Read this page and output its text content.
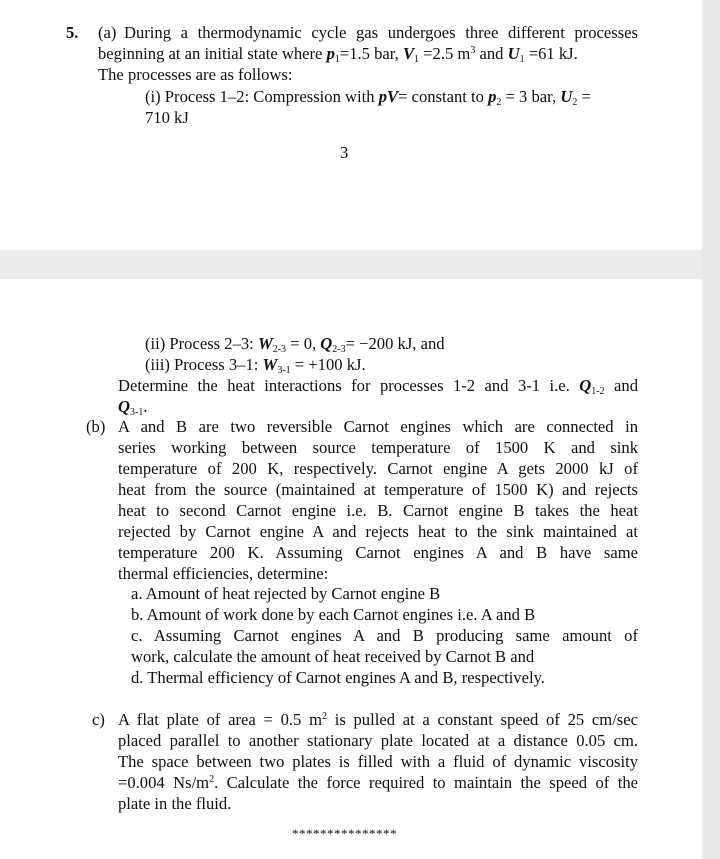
5. (a) During a thermodynamic cycle gas undergoes three different processes
beginning at an initial state where $p_1=1.5$ bar, $V_1 =2.5$ $m^3$ and $U_1 =61$ kJ.
The processes are as follows:
(i) Process 1–2: Compression with pV= constant to $p_2 = 3$ bar, $U_2$ =
710 kJ
3
(ii) Process 2–3: $W_{2-3} = 0$, $Q_{2-3}= -200$ kJ, and
(iii) Process 3–1: $W_{3-1} = +100$ kJ.
Determine the heat interactions for processes 1-2 and 3-1 i.e. $Q_{1-2}$ and
$Q_{3-1}$.
(b) A and B are two reversible Carnot engines which are connected in
series working between source temperature of 1500 K and sink
temperature of 200 K, respectively. Carnot engine A gets 2000 kJ of
heat from the source (maintained at temperature of 1500 K) and rejects
heat to second Carnot engine i.e. B. Carnot engine B takes the heat
rejected by Carnot engine A and rejects heat to the sink maintained at
temperature 200 K. Assuming Carnot engines A and B have same
thermal efficiencies, determine:
a. Amount of heat rejected by Carnot engine B
b. Amount of work done by each Carnot engines i.e. A and B
c. Assuming Carnot engines A and B producing same amount of
work, calculate the amount of heat received by Carnot B and
d. Thermal efficiency of Carnot engines A and B, respectively.
c) A flat plate of area = 0.5 $m^2$ is pulled at a constant speed of 25 cm/sec
placed parallel to another stationary plate located at a distance 0.05 cm.
The space between two plates is filled with a fluid of dynamic viscosity
=0.004 $Ns/m^2$. Calculate the force required to maintain the speed of the
plate in the fluid.
***************
